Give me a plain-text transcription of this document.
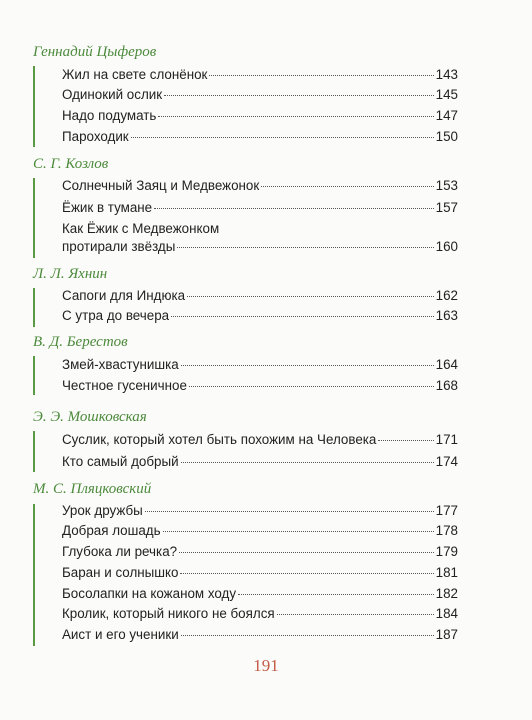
Геннадий Цыферов
Жил на свете слонёнок	143
Одинокий ослик	145
Надо подумать	147
Пароходик	150
С. Г. Козлов
Солнечный Заяц и Медвежонок	153
Ёжик в тумане	157
Как Ёжик с Медвежонком
протирали звёзды	160
Л. Л. Яхнин
Сапоги для Индюка	162
С утра до вечера	163
В. Д. Берестов
Змей-хвастунишка	164
Честное гусеничное	168
Э. Э. Мошковская
Суслик, который хотел быть похожим на Человека	171
Кто самый добрый	174
М. С. Пляцковский
Урок дружбы	177
Добрая лошадь	178
Глубока ли речка?	179
Баран и солнышко	181
Босолапки на кожаном ходу	182
Кролик, который никого не боялся	184
Аист и его ученики	187
191
